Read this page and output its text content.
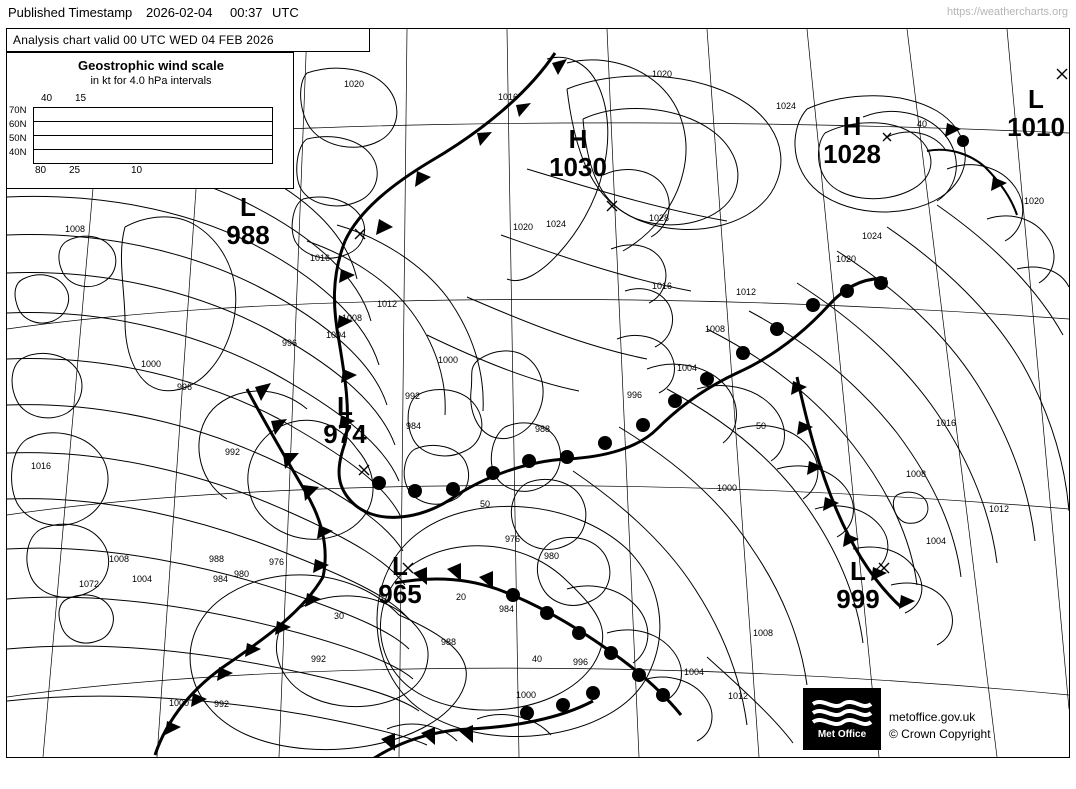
Published Timestamp 2026-02-04 00:37 UTC	https://weathercharts.org
1020
1016
1020
1024
1008
1016
1020 1024
1028
1024
1020
1012
1016
1012
1020
1008
1004
1008
996
1000
996
1000
1004
992	996
984	988
992
1016
1016
1008
1000
1012
1004
988
984 980
976
976
980
1008
1004
1072
984
988
996
992
1000
1000	992
1004
1008
1012
30
20
40
50
50
40
Analysis chart valid 00 UTC WED 04 FEB 2026
Geostrophic wind scale
in kt for 4.0 hPa intervals
40 15
70N
60N
50N
40N
80 25	10
L
988
H
1030
H
1028
L
1010
L
974
L
965
L
999
Met Office
metoffice.gov.uk
© Crown Copyright
